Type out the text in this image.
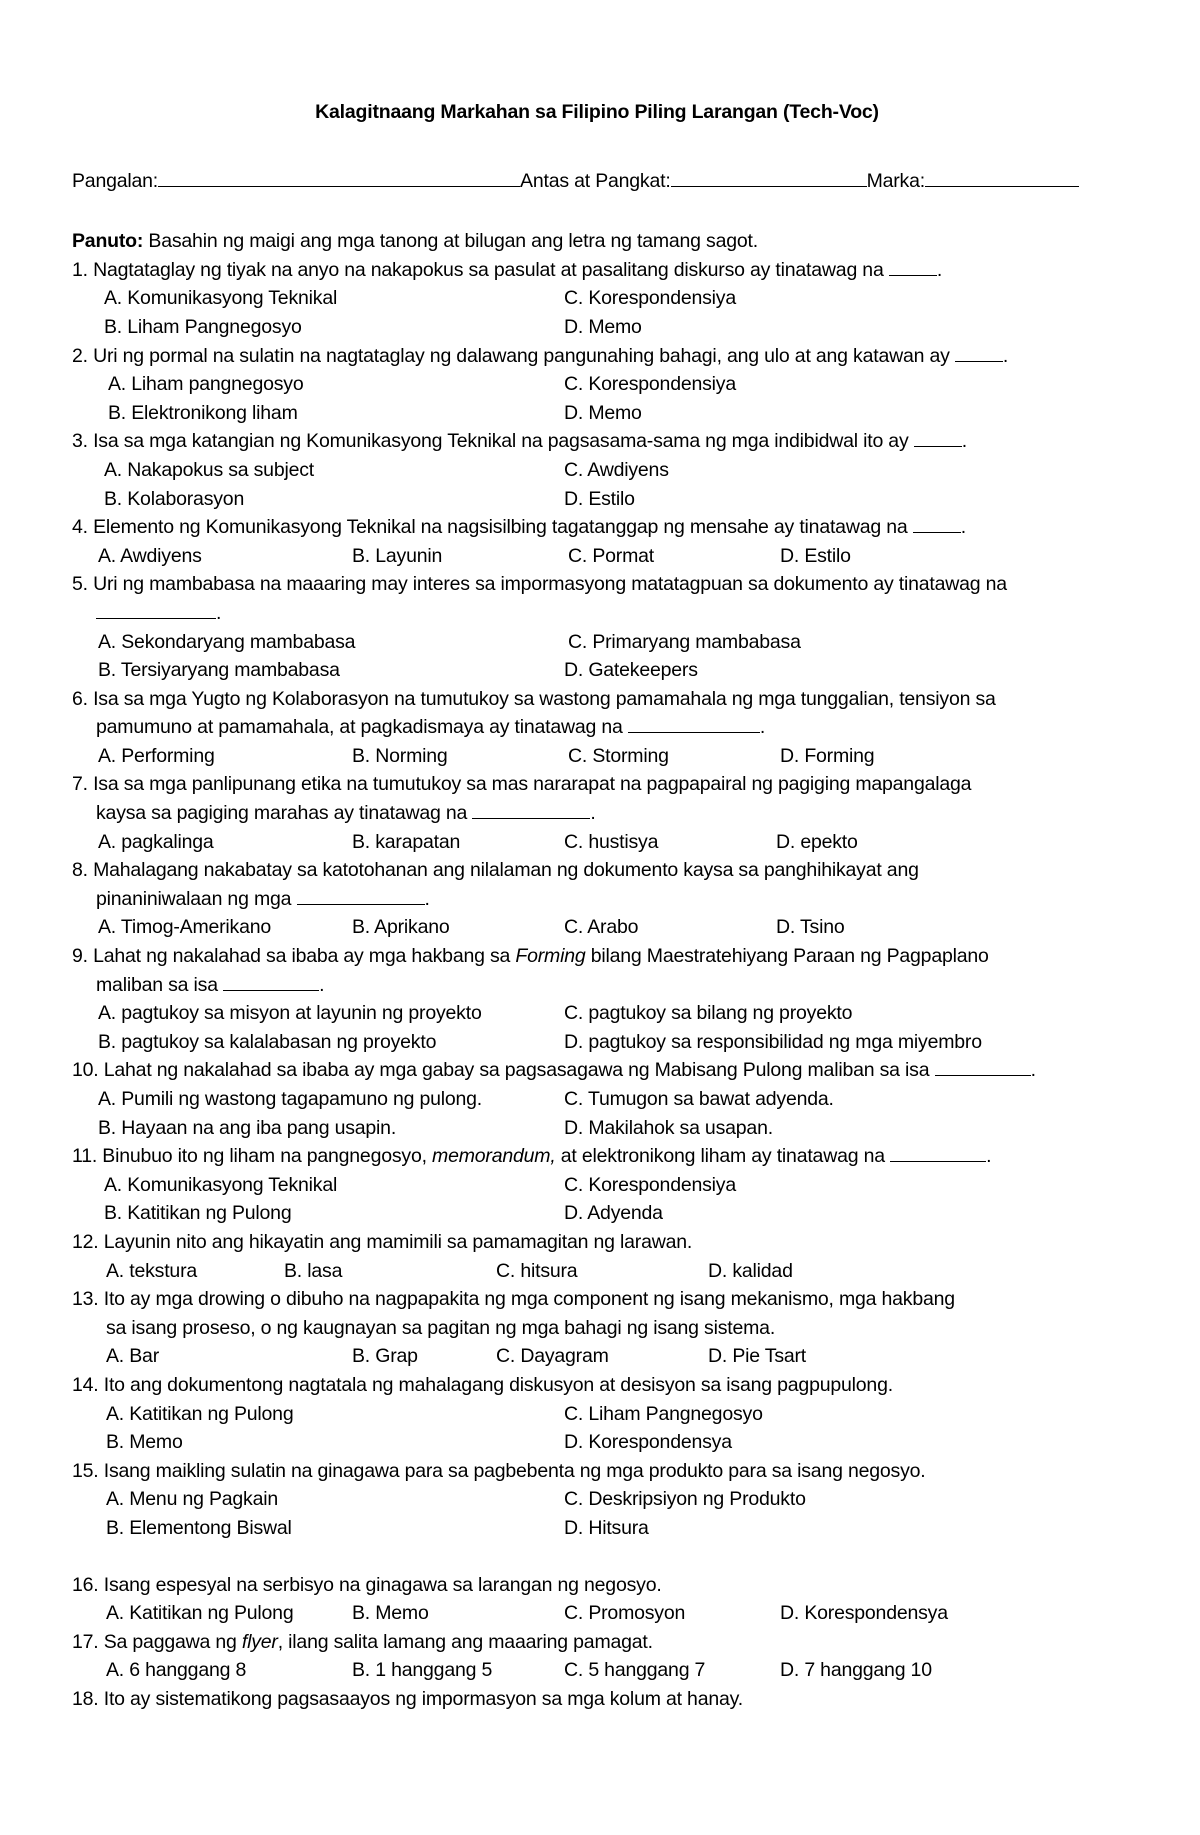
Kalagitnaang Markahan sa Filipino Piling Larangan (Tech-Voc)
Pangalan:	Antas at Pangkat:	Marka:
Panuto: Basahin ng maigi ang mga tanong at bilugan ang letra ng tamang sagot.
1. Nagtataglay ng tiyak na anyo na nakapokus sa pasulat at pasalitang diskurso ay tinatawag na	.
A. Komunikasyong Teknikal	C. Korespondensiya
B. Liham Pangnegosyo	D. Memo
2. Uri ng pormal na sulatin na nagtataglay ng dalawang pangunahing bahagi, ang ulo at ang katawan ay	.
A. Liham pangnegosyo	C. Korespondensiya
B. Elektronikong liham	D. Memo
3. Isa sa mga katangian ng Komunikasyong Teknikal na pagsasama-sama ng mga indibidwal ito ay	.
A. Nakapokus sa subject	C. Awdiyens
B. Kolaborasyon	D. Estilo
4. Elemento ng Komunikasyong Teknikal na nagsisilbing tagatanggap ng mensahe ay tinatawag na	.
A. Awdiyens	B. Layunin	C. Pormat	D. Estilo
5. Uri ng mambabasa na maaaring may interes sa impormasyong matatagpuan sa dokumento ay tinatawag na
.
A. Sekondaryang mambabasa	C. Primaryang mambabasa
B. Tersiyaryang mambabasa	D. Gatekeepers
6. Isa sa mga Yugto ng Kolaborasyon na tumutukoy sa wastong pamamahala ng mga tunggalian, tensiyon sa
pamumuno at pamamahala, at pagkadismaya ay tinatawag na	.
A. Performing	B. Norming	C. Storming	D. Forming
7. Isa sa mga panlipunang etika na tumutukoy sa mas nararapat na pagpapairal ng pagiging mapangalaga
kaysa sa pagiging marahas ay tinatawag na	.
A. pagkalinga	B. karapatan	C. hustisya	D. epekto
8. Mahalagang nakabatay sa katotohanan ang nilalaman ng dokumento kaysa sa panghihikayat ang
pinaniniwalaan ng mga	.
A. Timog-Amerikano	B. Aprikano	C. Arabo	D. Tsino
9. Lahat ng nakalahad sa ibaba ay mga hakbang sa Forming bilang Maestratehiyang Paraan ng Pagpaplano
maliban sa isa	.
A. pagtukoy sa misyon at layunin ng proyekto	C. pagtukoy sa bilang ng proyekto
B. pagtukoy sa kalalabasan ng proyekto	D. pagtukoy sa responsibilidad ng mga miyembro
10. Lahat ng nakalahad sa ibaba ay mga gabay sa pagsasagawa ng Mabisang Pulong maliban sa isa	.
A. Pumili ng wastong tagapamuno ng pulong.	C. Tumugon sa bawat adyenda.
B. Hayaan na ang iba pang usapin.	D. Makilahok sa usapan.
11. Binubuo ito ng liham na pangnegosyo, memorandum, at elektronikong liham ay tinatawag na	.
A. Komunikasyong Teknikal	C. Korespondensiya
B. Katitikan ng Pulong	D. Adyenda
12. Layunin nito ang hikayatin ang mamimili sa pamamagitan ng larawan.
A. tekstura	B. lasa	C. hitsura	D. kalidad
13. Ito ay mga drowing o dibuho na nagpapakita ng mga component ng isang mekanismo, mga hakbang
sa isang proseso, o ng kaugnayan sa pagitan ng mga bahagi ng isang sistema.
A. Bar	B. Grap	C. Dayagram	D. Pie Tsart
14. Ito ang dokumentong nagtatala ng mahalagang diskusyon at desisyon sa isang pagpupulong.
A. Katitikan ng Pulong	C. Liham Pangnegosyo
B. Memo	D. Korespondensya
15. Isang maikling sulatin na ginagawa para sa pagbebenta ng mga produkto para sa isang negosyo.
A. Menu ng Pagkain	C. Deskripsiyon ng Produkto
B. Elementong Biswal	D. Hitsura
16. Isang espesyal na serbisyo na ginagawa sa larangan ng negosyo.
A. Katitikan ng Pulong	B. Memo	C. Promosyon	D. Korespondensya
17. Sa paggawa ng flyer, ilang salita lamang ang maaaring pamagat.
A. 6 hanggang 8	B. 1 hanggang 5	C. 5 hanggang 7	D. 7 hanggang 10
18. Ito ay sistematikong pagsasaayos ng impormasyon sa mga kolum at hanay.
